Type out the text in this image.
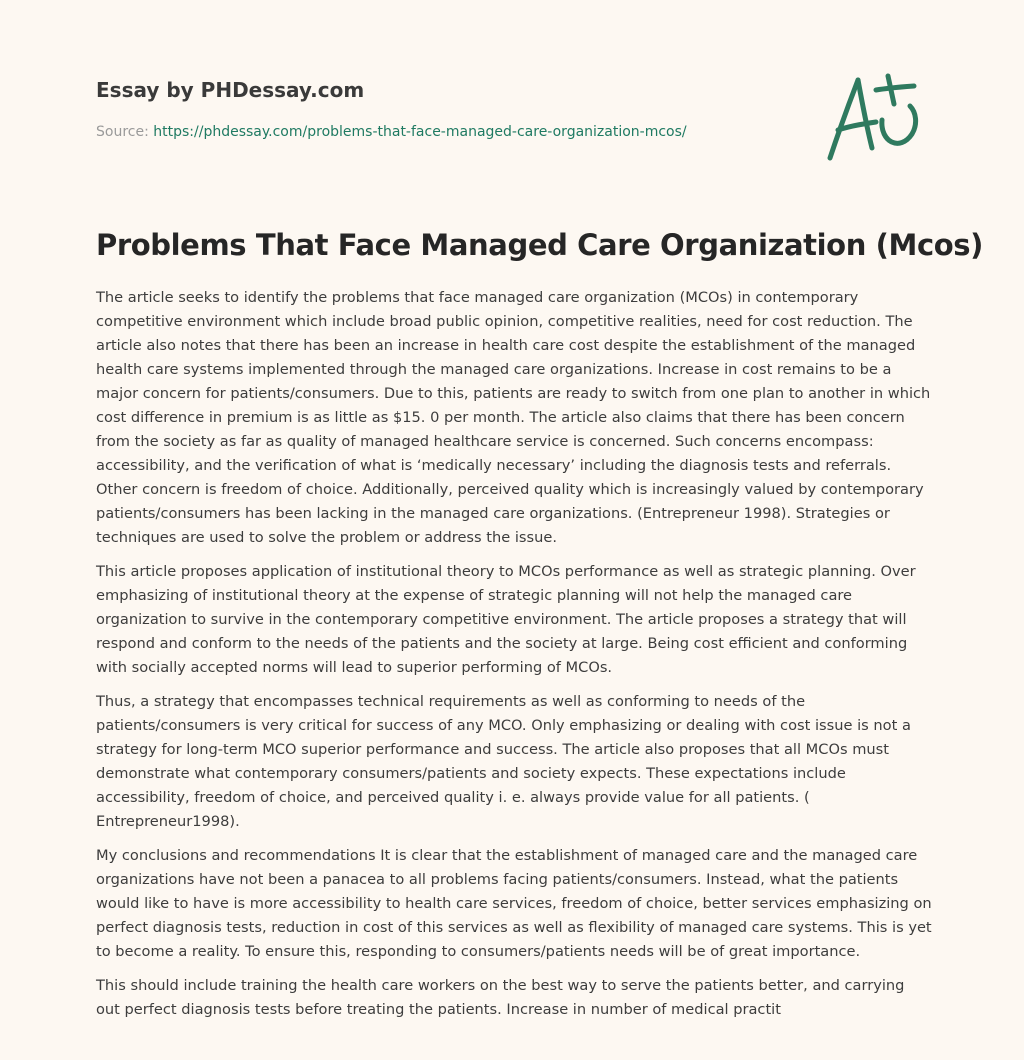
Essay by PHDessay.com
Source: https://phdessay.com/problems-that-face-managed-care-organization-mcos/
Problems That Face Managed Care Organization (Mcos)

The article seeks to identify the problems that face managed care organization (MCOs) in contemporary competitive environment which include broad public opinion, competitive realities, need for cost reduction. The article also notes that there has been an increase in health care cost despite the establishment of the managed health care systems implemented through the managed care organizations. Increase in cost remains to be a major concern for patients/consumers. Due to this, patients are ready to switch from one plan to another in which cost difference in premium is as little as $15. 0 per month. The article also claims that there has been concern from the society as far as quality of managed healthcare service is concerned. Such concerns encompass: accessibility, and the verification of what is ‘medically necessary’ including the diagnosis tests and referrals. Other concern is freedom of choice. Additionally, perceived quality which is increasingly valued by contemporary patients/consumers has been lacking in the managed care organizations. (Entrepreneur 1998). Strategies or techniques are used to solve the problem or address the issue.

This article proposes application of institutional theory to MCOs performance as well as strategic planning. Over emphasizing of institutional theory at the expense of strategic planning will not help the managed care organization to survive in the contemporary competitive environment. The article proposes a strategy that will respond and conform to the needs of the patients and the society at large. Being cost efficient and conforming with socially accepted norms will lead to superior performing of MCOs.

Thus, a strategy that encompasses technical requirements as well as conforming to needs of the patients/consumers is very critical for success of any MCO. Only emphasizing or dealing with cost issue is not a strategy for long-term MCO superior performance and success. The article also proposes that all MCOs must demonstrate what contemporary consumers/patients and society expects. These expectations include accessibility, freedom of choice, and perceived quality i. e. always provide value for all patients. ( Entrepreneur1998).

My conclusions and recommendations It is clear that the establishment of managed care and the managed care organizations have not been a panacea to all problems facing patients/consumers. Instead, what the patients would like to have is more accessibility to health care services, freedom of choice, better services emphasizing on perfect diagnosis tests, reduction in cost of this services as well as flexibility of managed care systems. This is yet to become a reality. To ensure this, responding to consumers/patients needs will be of great importance.

This should include training the health care workers on the best way to serve the patients better, and carrying out perfect diagnosis tests before treating the patients. Increase in number of medical practit
